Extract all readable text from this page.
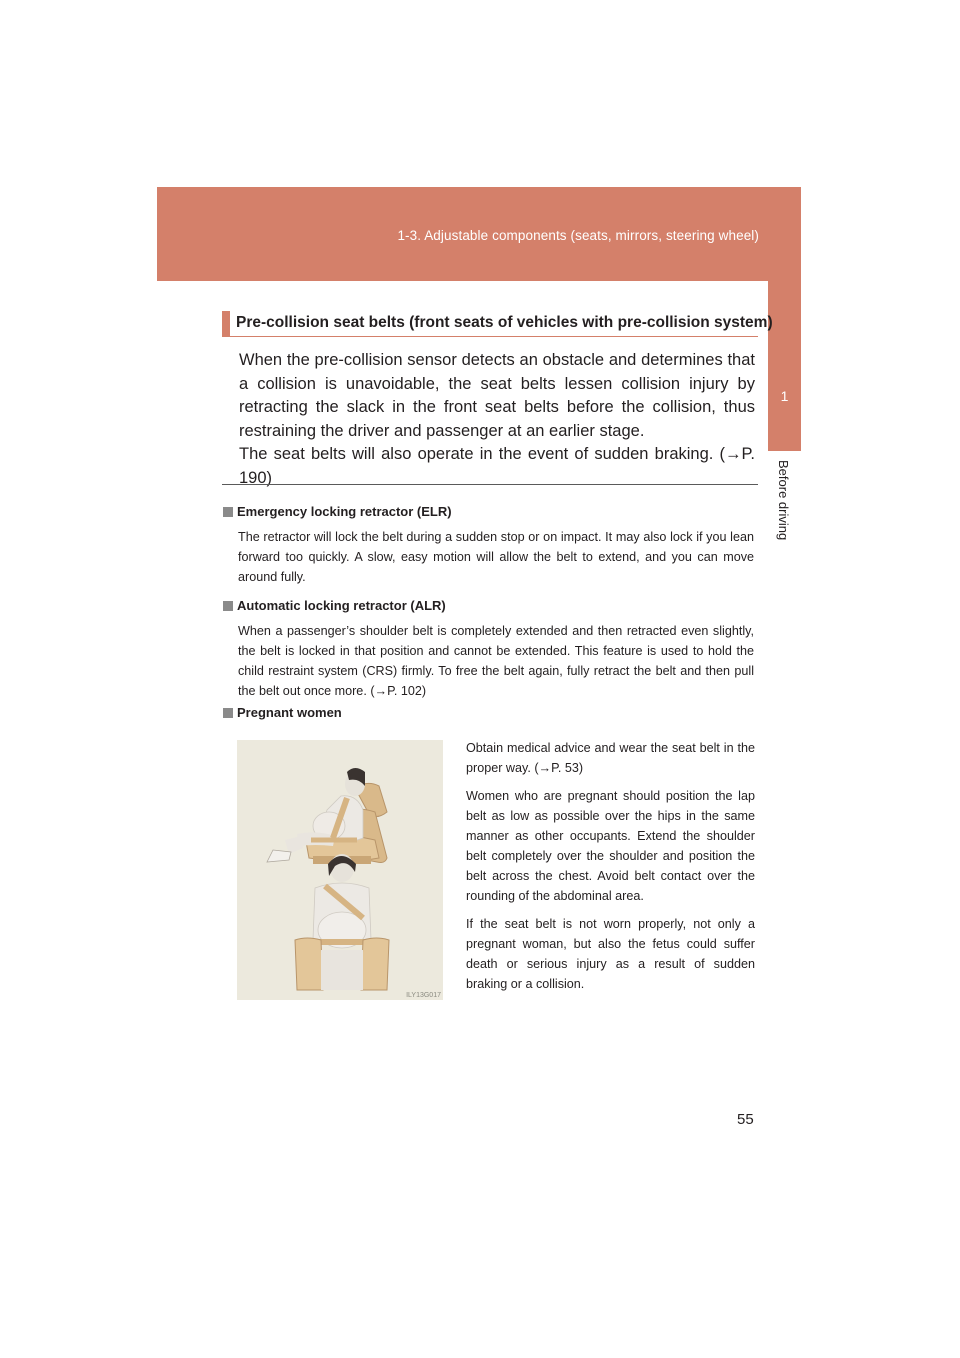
1-3. Adjustable components (seats, mirrors, steering wheel)
1
Before driving
Pre-collision seat belts (front seats of vehicles with pre-collision system)

When the pre-collision sensor detects an obstacle and determines that a collision is unavoidable, the seat belts lessen collision injury by retracting the slack in the front seat belts before the collision, thus restraining the driver and passenger at an earlier stage.

The seat belts will also operate in the event of sudden braking. (→P. 190)

Emergency locking retractor (ELR)
The retractor will lock the belt during a sudden stop or on impact. It may also lock if you lean forward too quickly. A slow, easy motion will allow the belt to extend, and you can move around fully.
Automatic locking retractor (ALR)
When a passenger’s shoulder belt is completely extended and then retracted even slightly, the belt is locked in that position and cannot be extended. This feature is used to hold the child restraint system (CRS) firmly. To free the belt again, fully retract the belt and then pull the belt out once more. (→P. 102)
Pregnant women
ILY13G017

Obtain medical advice and wear the seat belt in the proper way. (→P. 53)

Women who are pregnant should position the lap belt as low as possible over the hips in the same manner as other occupants. Extend the shoulder belt completely over the shoulder and position the belt across the chest. Avoid belt contact over the rounding of the abdominal area.

If the seat belt is not worn properly, not only a pregnant woman, but also the fetus could suffer death or serious injury as a result of sudden braking or a collision.

55
